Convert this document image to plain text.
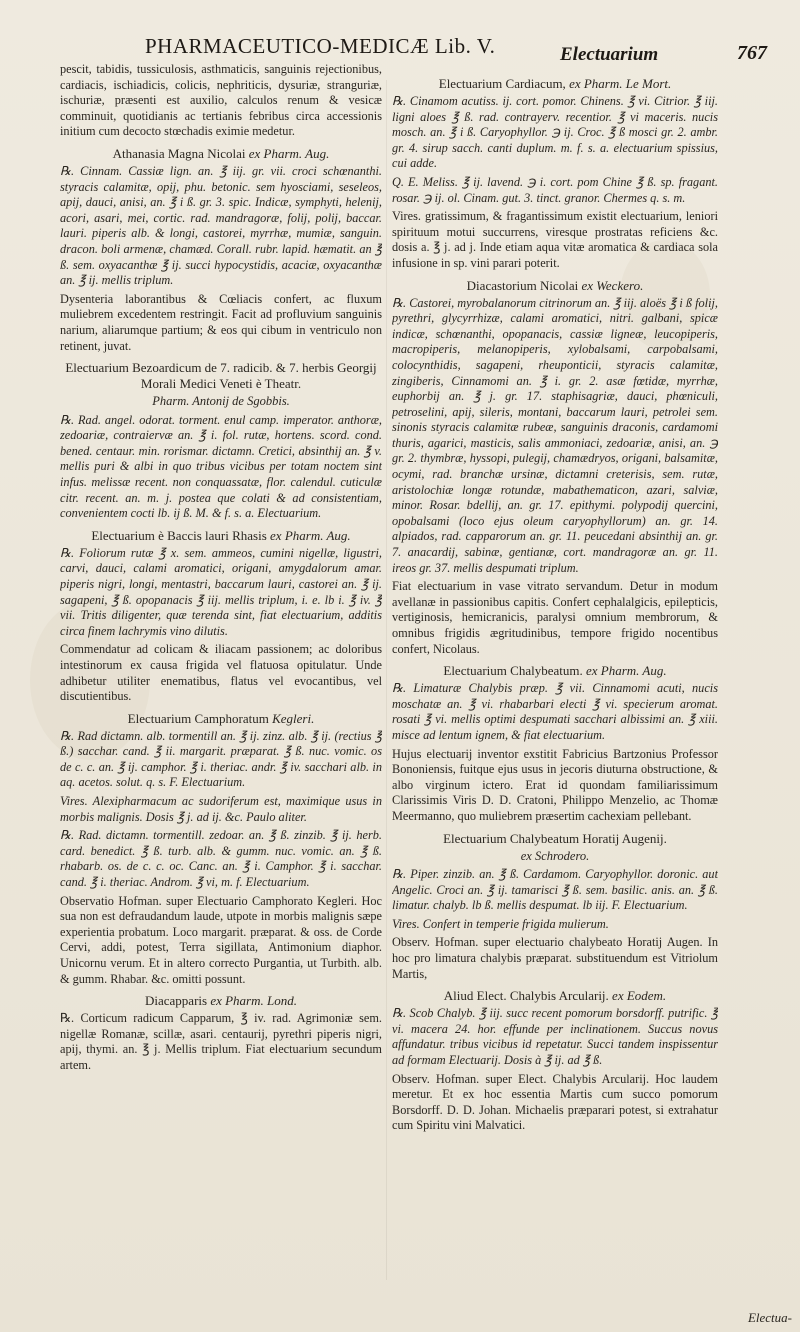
PHARMACEUTICO-MEDICÆ Lib. V.	Electuarium	767

pescit, tabidis, tussiculosis, asthmaticis, sanguinis rejectionibus, cardiacis, ischiadicis, colicis, nephriticis, dysuriæ, stranguriæ, ischuriæ, præsenti est auxilio, calculos renum & vesicæ comminuit, quotidianis ac tertianis febribus circa accessionis initium cum decocto stœchadis eximie medetur.

Athanasia Magna Nicolai ex Pharm. Aug.

℞. Cinnam. Cassiæ lign. an. ℥ iij. gr. vii. croci schœnanthi. styracis calamitæ, opij, phu. betonic. sem hyosciami, seseleos, apij, dauci, anisi, an. ℥ i ß. gr. 3. spic. Indicæ, symphyti, helenij, acori, asari, mei, cortic. rad. mandragoræ, folij, polij, baccar. lauri. piperis alb. & longi, castorei, myrrhæ, mumiæ, sanguin. dracon. boli armenæ, chamæd. Corall. rubr. lapid. hæmatit. an ℥ ß. sem. oxyacanthæ ℥ ij. succi hypocystidis, acaciæ, oxyacanthæ an. ℥ ij. mellis triplum.

Dysenteria laborantibus & Cœliacis confert, ac fluxum muliebrem excedentem restringit. Facit ad profluvium sanguinis narium, aliarumque partium; & eos qui cibum in ventriculo non retinent, juvat.

Electuarium Bezoardicum de 7. radicib. & 7. herbis Georgij Morali Medici Veneti è Theatr.
Pharm. Antonij de Sgobbis.

℞. Rad. angel. odorat. torment. enul camp. imperator. anthoræ, zedoariæ, contraiervæ an. ℥ i. fol. rutæ, hortens. scord. cond. bened. centaur. min. rorismar. dictamn. Cretici, absinthij an. ℥ v. mellis puri & albi in quo tribus vicibus per totam noctem sint infus. melissæ recent. non conquassatæ, flor. calendul. cuticulæ citr. recent. an. m. j. postea que colati & ad consistentiam, convenientem cocti lb. ij ß. M. & f. s. a. Electuarium.

Electuarium è Baccis lauri Rhasis ex Pharm. Aug.

℞. Foliorum rutæ ℥ x. sem. ammeos, cumini nigellæ, ligustri, carvi, dauci, calami aromatici, origani, amygdalorum amar. piperis nigri, longi, mentastri, baccarum lauri, castorei an. ℥ ij. sagapeni, ℥ ß. opopanacis ℥ iij. mellis triplum, i. e. lb i. ℥ iv. ℥ vii. Tritis diligenter, quæ terenda sint, fiat electuarium, additis circa finem lachrymis vino dilutis.

Commendatur ad colicam & iliacam passionem; ac doloribus intestinorum ex causa frigida vel flatuosa opitulatur. Unde adhibetur utiliter enematibus, flatus vel evocantibus, vel discutientibus.

Electuarium Camphoratum Kegleri.

℞. Rad dictamn. alb. tormentill an. ℥ ij. zinz. alb. ℥ ij. (rectius ℥ ß.) sacchar. cand. ℥ ii. margarit. præparat. ℥ ß. nuc. vomic. os de c. c. an. ℥ ij. camphor. ℥ i. theriac. andr. ℥ iv. sacchari alb. in aq. acetos. solut. q. s. F. Electuarium.

Vires. Alexipharmacum ac sudoriferum est, maximique usus in morbis malignis. Dosis ℥ j. ad ij. &c. Paulo aliter.

℞. Rad. dictamn. tormentill. zedoar. an. ℥ ß. zinzib. ℥ ij. herb. card. benedict. ℥ ß. turb. alb. & gumm. nuc. vomic. an. ℥ ß. rhabarb. os. de c. c. oc. Canc. an. ℥ i. Camphor. ℥ i. sacchar. cand. ℥ i. theriac. Androm. ℥ vi, m. f. Electuarium.

Observatio Hofman. super Electuario Camphorato Kegleri. Hoc sua non est defraudandum laude, utpote in morbis malignis sæpe experientia probatum. Loco margarit. præparat. & oss. de Corde Cervi, addi, potest, Terra sigillata, Antimonium diaphor. Unicornu verum. Et in altero correcto Purgantia, ut Turbith. alb. & gumm. Rhabar. &c. omitti possunt.

Diacapparis ex Pharm. Lond.

℞. Corticum radicum Capparum, ℥ iv. rad. Agrimoniæ sem. nigellæ Romanæ, scillæ, asari. centaurij, pyrethri piperis nigri, apij, thymi. an. ℥ j. Mellis triplum. Fiat electuarium secundum artem.

Electuarium Cardiacum, ex Pharm. Le Mort.

℞. Cinamom acutiss. ij. cort. pomor. Chinens. ℥ vi. Citrior. ℥ iij. ligni aloes ℥ ß. rad. contrayerv. recentior. ℥ vi maceris. nucis mosch. an. ℥ i ß. Caryophyllor. ℈ ij. Croc. ℥ ß mosci gr. 2. ambr. gr. 4. sirup sacch. canti duplum. m. f. s. a. electuarium spissius, cui adde.

Q. E. Meliss. ℥ ij. lavend. ℈ i. cort. pom Chine ℥ ß. sp. fragant. rosar. ℈ ij. ol. Cinam. gut. 3. tinct. granor. Chermes q. s. m.

Vires. gratissimum, & fragantissimum existit electuarium, leniori spirituum motui succurrens, viresque prostratas reficiens &c. dosis a. ℥ j. ad j. Inde etiam aqua vitæ aromatica & cardiaca sola infusione in sp. vini parari poterit.

Diacastorium Nicolai ex Weckero.

℞. Castorei, myrobalanorum citrinorum an. ℥ iij. aloës ℥ i ß folij, pyrethri, glycyrrhizæ, calami aromatici, nitri. galbani, spicæ indicæ, schœnanthi, opopanacis, cassiæ ligneæ, leucopiperis, macropiperis, melanopiperis, xylobalsami, carpobalsami, colocynthidis, sagapeni, rheuponticii, styracis calamitæ, zingiberis, Cinnamomi an. ℥ i. gr. 2. asæ fœtidæ, myrrhæ, euphorbij an. ℥ j. gr. 17. staphisagriæ, dauci, phœniculi, petroselini, apij, sileris, montani, baccarum lauri, petrolei sem. sinonis styracis calamitæ rubeæ, sanguinis draconis, cardamomi thuris, agarici, masticis, salis ammoniaci, zedoariæ, anisi, an. ℈ gr. 2. thymbræ, hyssopi, pulegij, chamædryos, origani, balsamitæ, ocymi, rad. branchæ ursinæ, dictamni creterisis, sem. rutæ, aristolochiæ longæ rotundæ, mabathematicon, azari, salviæ, minor. Rosar. bdellij, an. gr. 17. epithymi. polypodij quercini, opobalsami (loco ejus oleum caryophyllorum) an. gr. 14. alpiados, rad. capparorum an. gr. 11. peucedani absinthij an. gr. 7. anacardij, sabinæ, gentianæ, cort. mandragoræ an. gr. 11. ireos gr. 37. mellis despumati triplum.

Fiat electuarium in vase vitrato servandum. Detur in modum avellanæ in passionibus capitis. Confert cephalalgicis, epilepticis, vertiginosis, hemicranicis, paralysi omnium membrorum, & omnibus frigidis ægritudinibus, tempore frigido nocentibus confert, Nicolaus.

Electuarium Chalybeatum. ex Pharm. Aug.

℞. Limaturæ Chalybis præp. ℥ vii. Cinnamomi acuti, nucis moschatæ an. ℥ vi. rhabarbari electi ℥ vi. specierum aromat. rosati ℥ vi. mellis optimi despumati sacchari albissimi an. ℥ xiii. misce ad lentum ignem, & fiat electuarium.

Hujus electuarij inventor exstitit Fabricius Bartzonius Professor Bononiensis, fuitque ejus usus in jecoris diuturna obstructione, & albo virginum ictero. Erat id quondam familiarissimum Clarissimis Viris D. D. Cratoni, Philippo Menzelio, ac Thomæ Meermanno, quo muliebrem præsertim cachexiam pellebant.

Electuarium Chalybeatum Horatij Augenij.
ex Schrodero.

℞. Piper. zinzib. an. ℥ ß. Cardamom. Caryophyllor. doronic. aut Angelic. Croci an. ℥ ij. tamarisci ℥ ß. sem. basilic. anis. an. ℥ ß. limatur. chalyb. lb ß. mellis despumat. lb iij. F. Electuarium.

Vires. Confert in temperie frigida mulierum.

Observ. Hofman. super electuario chalybeato Horatij Augen. In hoc pro limatura chalybis præparat. substituendum est Vitriolum Martis,

Aliud Elect. Chalybis Arcularij. ex Eodem.

℞. Scob Chalyb. ℥ iij. succ recent pomorum borsdorff. putrific. ℥ vi. macera 24. hor. effunde per inclinationem. Succus novus affundatur. tribus vicibus id repetatur. Succi tandem inspissentur ad formam Electuarij. Dosis à ℥ ij. ad ℥ ß.

Observ. Hofman. super Elect. Chalybis Arcularij. Hoc laudem meretur. Et ex hoc essentia Martis cum succo pomorum Borsdorff. D. D. Johan. Michaelis præparari potest, si extrahatur cum Spiritu vini Malvatici.

Electua-
